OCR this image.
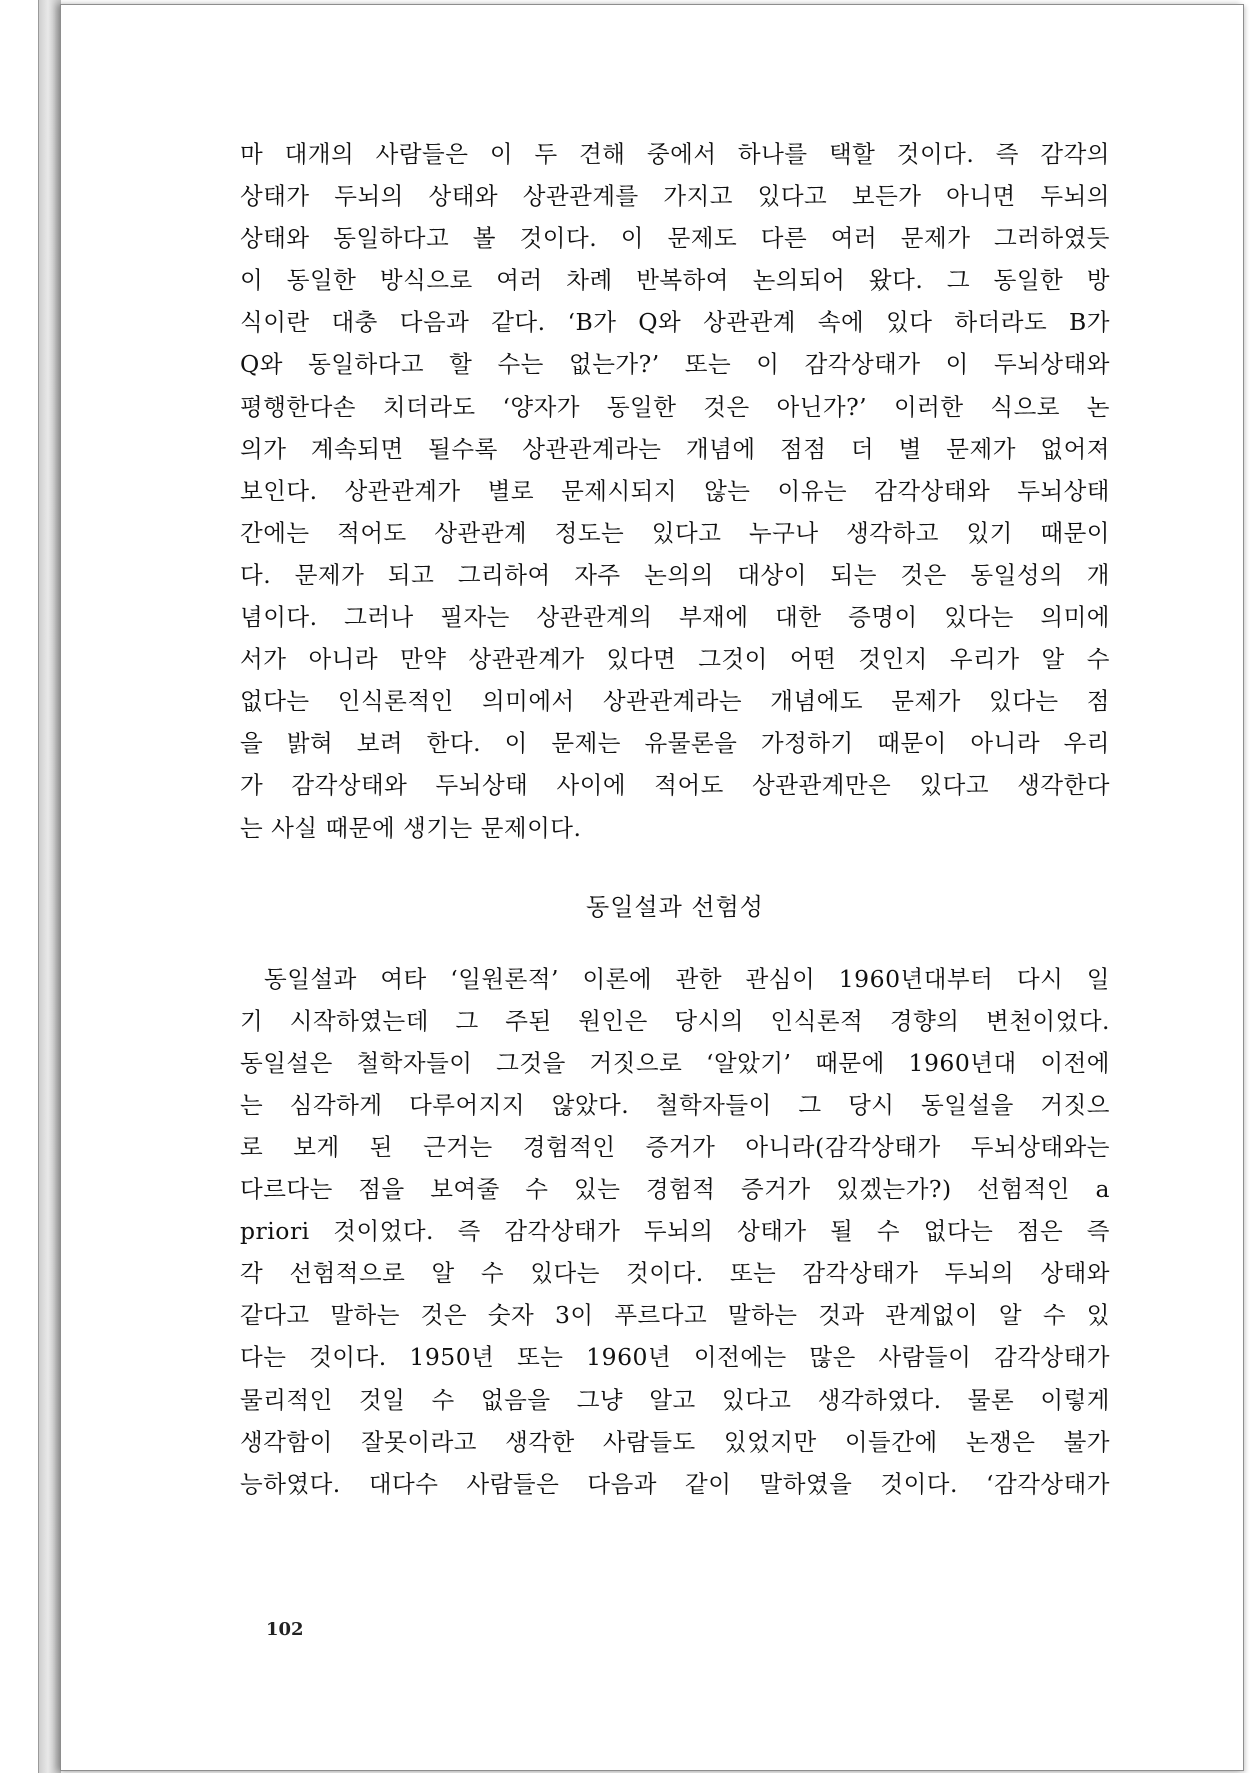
마 대개의 사람들은 이 두 견해 중에서 하나를 택할 것이다. 즉 감각의
상태가 두뇌의 상태와 상관관계를 가지고 있다고 보든가 아니면 두뇌의
상태와 동일하다고 볼 것이다. 이 문제도 다른 여러 문제가 그러하였듯
이 동일한 방식으로 여러 차례 반복하여 논의되어 왔다. 그 동일한 방
식이란 대충 다음과 같다. ‘B가 Q와 상관관계 속에 있다 하더라도 B가
Q와 동일하다고 할 수는 없는가?’ 또는 이 감각상태가 이 두뇌상태와
평행한다손 치더라도 ‘양자가 동일한 것은 아닌가?’ 이러한 식으로 논
의가 계속되면 될수록 상관관계라는 개념에 점점 더 별 문제가 없어져
보인다. 상관관계가 별로 문제시되지 않는 이유는 감각상태와 두뇌상태
간에는 적어도 상관관계 정도는 있다고 누구나 생각하고 있기 때문이
다. 문제가 되고 그리하여 자주 논의의 대상이 되는 것은 동일성의 개
념이다. 그러나 필자는 상관관계의 부재에 대한 증명이 있다는 의미에
서가 아니라 만약 상관관계가 있다면 그것이 어떤 것인지 우리가 알 수
없다는 인식론적인 의미에서 상관관계라는 개념에도 문제가 있다는 점
을 밝혀 보려 한다. 이 문제는 유물론을 가정하기 때문이 아니라 우리
가 감각상태와 두뇌상태 사이에 적어도 상관관계만은 있다고 생각한다
는 사실 때문에 생기는 문제이다.
동일설과 선험성
동일설과 여타 ‘일원론적’ 이론에 관한 관심이 1960년대부터 다시 일
기 시작하였는데 그 주된 원인은 당시의 인식론적 경향의 변천이었다.
동일설은 철학자들이 그것을 거짓으로 ‘알았기’ 때문에 1960년대 이전에
는 심각하게 다루어지지 않았다. 철학자들이 그 당시 동일설을 거짓으
로 보게 된 근거는 경험적인 증거가 아니라(감각상태가 두뇌상태와는
다르다는 점을 보여줄 수 있는 경험적 증거가 있겠는가?) 선험적인 a
priori 것이었다. 즉 감각상태가 두뇌의 상태가 될 수 없다는 점은 즉
각 선험적으로 알 수 있다는 것이다. 또는 감각상태가 두뇌의 상태와
같다고 말하는 것은 숫자 3이 푸르다고 말하는 것과 관계없이 알 수 있
다는 것이다. 1950년 또는 1960년 이전에는 많은 사람들이 감각상태가
물리적인 것일 수 없음을 그냥 알고 있다고 생각하였다. 물론 이렇게
생각함이 잘못이라고 생각한 사람들도 있었지만 이들간에 논쟁은 불가
능하였다. 대다수 사람들은 다음과 같이 말하였을 것이다. ‘감각상태가
102
